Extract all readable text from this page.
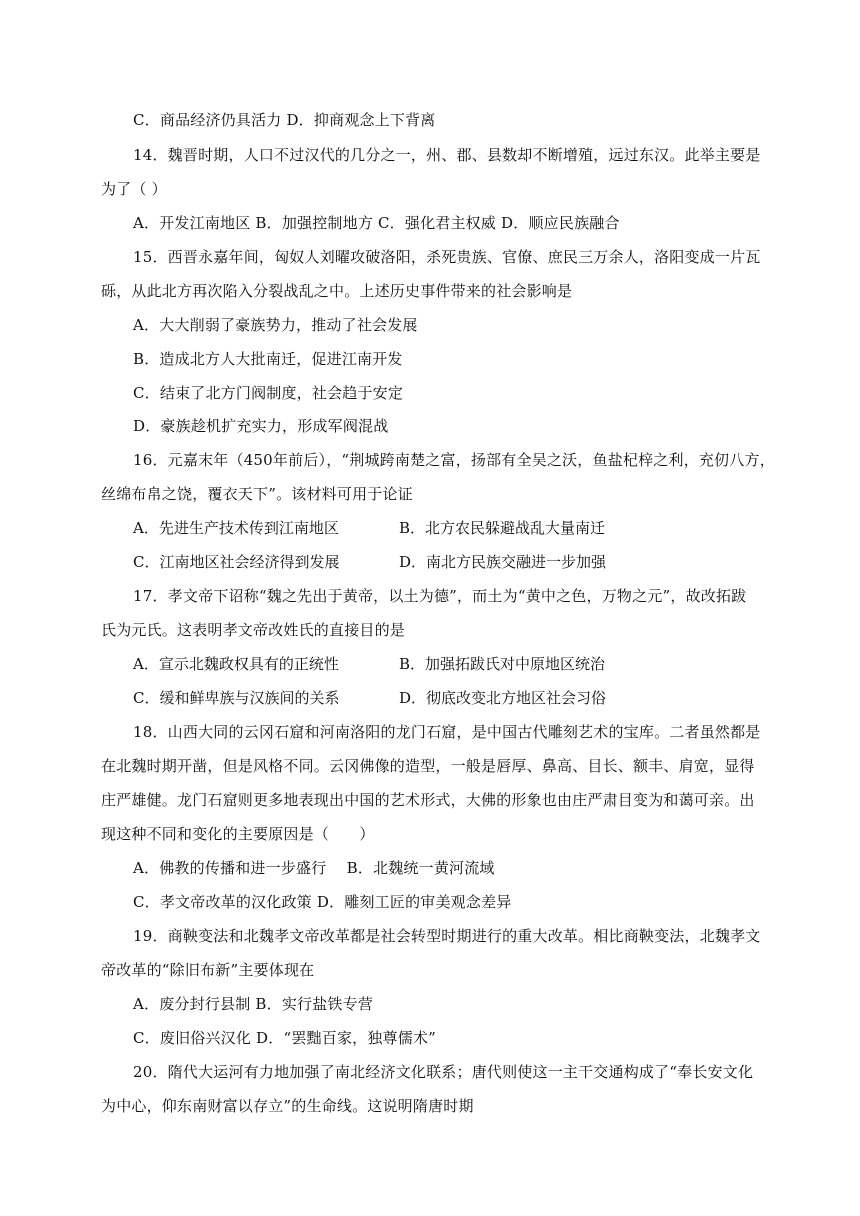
C．商品经济仍具活力 D．抑商观念上下背离
14．魏晋时期，人口不过汉代的几分之一，州、郡、县数却不断增殖，远过东汉。此举主要是
为了（ ）
A．开发江南地区 B．加强控制地方 C．强化君主权威 D．顺应民族融合
15．西晋永嘉年间，匈奴人刘曜攻破洛阳，杀死贵族、官僚、庶民三万余人，洛阳变成一片瓦
砾，从此北方再次陷入分裂战乱之中。上述历史事件带来的社会影响是
A．大大削弱了豪族势力，推动了社会发展
B．造成北方人大批南迁，促进江南开发
C．结束了北方门阀制度，社会趋于安定
D．豪族趁机扩充实力，形成军阀混战
16．元嘉末年（450年前后），“荆城跨南楚之富，扬部有全吴之沃，鱼盐杞梓之利，充仞八方，
丝绵布帛之饶，覆衣天下”。该材料可用于论证
A．先进生产技术传到江南地区	B．北方农民躲避战乱大量南迁
C．江南地区社会经济得到发展	D．南北方民族交融进一步加强
17．孝文帝下诏称“魏之先出于黄帝，以土为德”，而土为“黄中之色，万物之元”，故改拓跋
氏为元氏。这表明孝文帝改姓氏的直接目的是
A．宣示北魏政权具有的正统性	B．加强拓跋氏对中原地区统治
C．缓和鲜卑族与汉族间的关系	D．彻底改变北方地区社会习俗
18．山西大同的云冈石窟和河南洛阳的龙门石窟，是中国古代雕刻艺术的宝库。二者虽然都是
在北魏时期开凿，但是风格不同。云冈佛像的造型，一般是唇厚、鼻高、目长、额丰、肩宽，显得
庄严雄健。龙门石窟则更多地表现出中国的艺术形式，大佛的形象也由庄严肃目变为和蔼可亲。出
现这种不同和变化的主要原因是（　　）
A．佛教的传播和进一步盛行　 B．北魏统一黄河流域
C．孝文帝改革的汉化政策 D．雕刻工匠的审美观念差异
19．商鞅变法和北魏孝文帝改革都是社会转型时期进行的重大改革。相比商鞅变法，北魏孝文
帝改革的“除旧布新”主要体现在
A．废分封行县制 B．实行盐铁专营
C．废旧俗兴汉化 D．“罢黜百家，独尊儒术”
20．隋代大运河有力地加强了南北经济文化联系；唐代则使这一主干交通构成了“奉长安文化
为中心，仰东南财富以存立”的生命线。这说明隋唐时期
